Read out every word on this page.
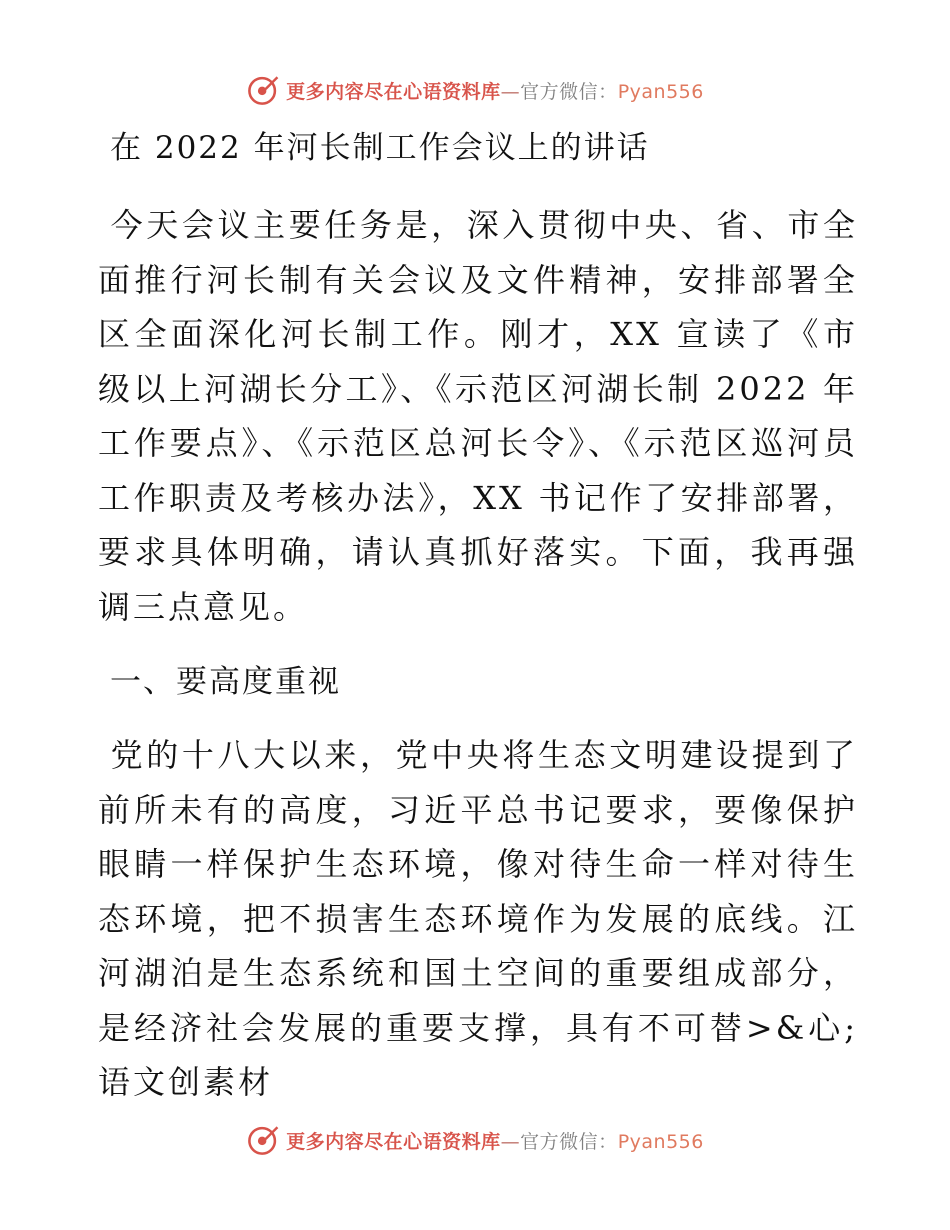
更多内容尽在心语资料库—官方微信：Pyan556
在 2022 年河长制工作会议上的讲话

今天会议主要任务是，深入贯彻中央、省、市全面推行河长制有关会议及文件精神，安排部署全区全面深化河长制工作。刚才，XX 宣读了《市级以上河湖长分工》、《示范区河湖长制 2022 年工作要点》、《示范区总河长令》、《示范区巡河员工作职责及考核办法》，XX 书记作了安排部署，要求具体明确，请认真抓好落实。下面，我再强调三点意见。

一、要高度重视

党的十八大以来，党中央将生态文明建设提到了前所未有的高度，习近平总书记要求，要像保护眼睛一样保护生态环境，像对待生命一样对待生态环境，把不损害生态环境作为发展的底线。江河湖泊是生态系统和国土空间的重要组成部分，是经济社会发展的重要支撑，具有不可替>&心;语文创素材

更多内容尽在心语资料库—官方微信：Pyan556
